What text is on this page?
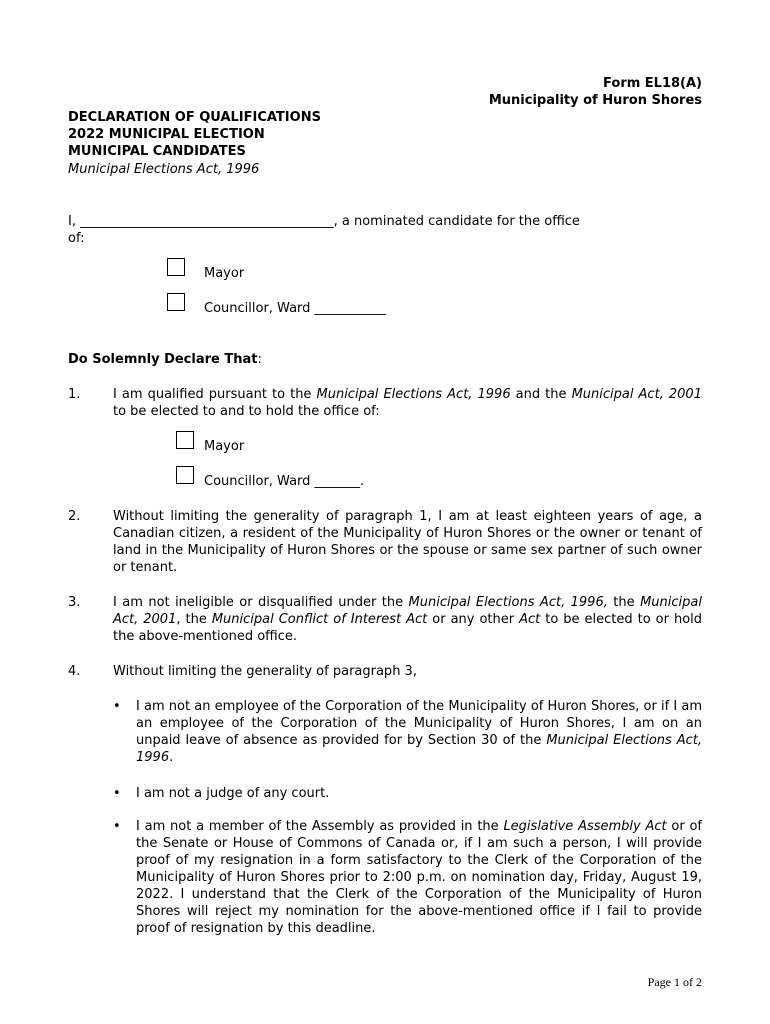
Form EL18(A)
Municipality of Huron Shores
DECLARATION OF QUALIFICATIONS
2022 MUNICIPAL ELECTION
MUNICIPAL CANDIDATES
Municipal Elections Act, 1996
I, _______________________________________, a nominated candidate for the office
of:
Mayor
Councillor, Ward ___________
Do Solemnly Declare That:
1.	I am qualified pursuant to the Municipal Elections Act, 1996 and the Municipal Act, 2001 to be elected to and to hold the office of:
Mayor
Councillor, Ward _______.
2.	Without limiting the generality of paragraph 1, I am at least eighteen years of age, a Canadian citizen, a resident of the Municipality of Huron Shores or the owner or tenant of land in the Municipality of Huron Shores or the spouse or same sex partner of such owner or tenant.
3.	I am not ineligible or disqualified under the Municipal Elections Act, 1996, the Municipal Act, 2001, the Municipal Conflict of Interest Act or any other Act to be elected to or hold the above-mentioned office.
4.	Without limiting the generality of paragraph 3,
• I am not an employee of the Corporation of the Municipality of Huron Shores, or if I am an employee of the Corporation of the Municipality of Huron Shores, I am on an unpaid leave of absence as provided for by Section 30 of the Municipal Elections Act, 1996.
• I am not a judge of any court.
• I am not a member of the Assembly as provided in the Legislative Assembly Act or of the Senate or House of Commons of Canada or, if I am such a person, I will provide proof of my resignation in a form satisfactory to the Clerk of the Corporation of the Municipality of Huron Shores prior to 2:00 p.m. on nomination day, Friday, August 19, 2022. I understand that the Clerk of the Corporation of the Municipality of Huron Shores will reject my nomination for the above-mentioned office if I fail to provide proof of resignation by this deadline.
Page 1 of 2
